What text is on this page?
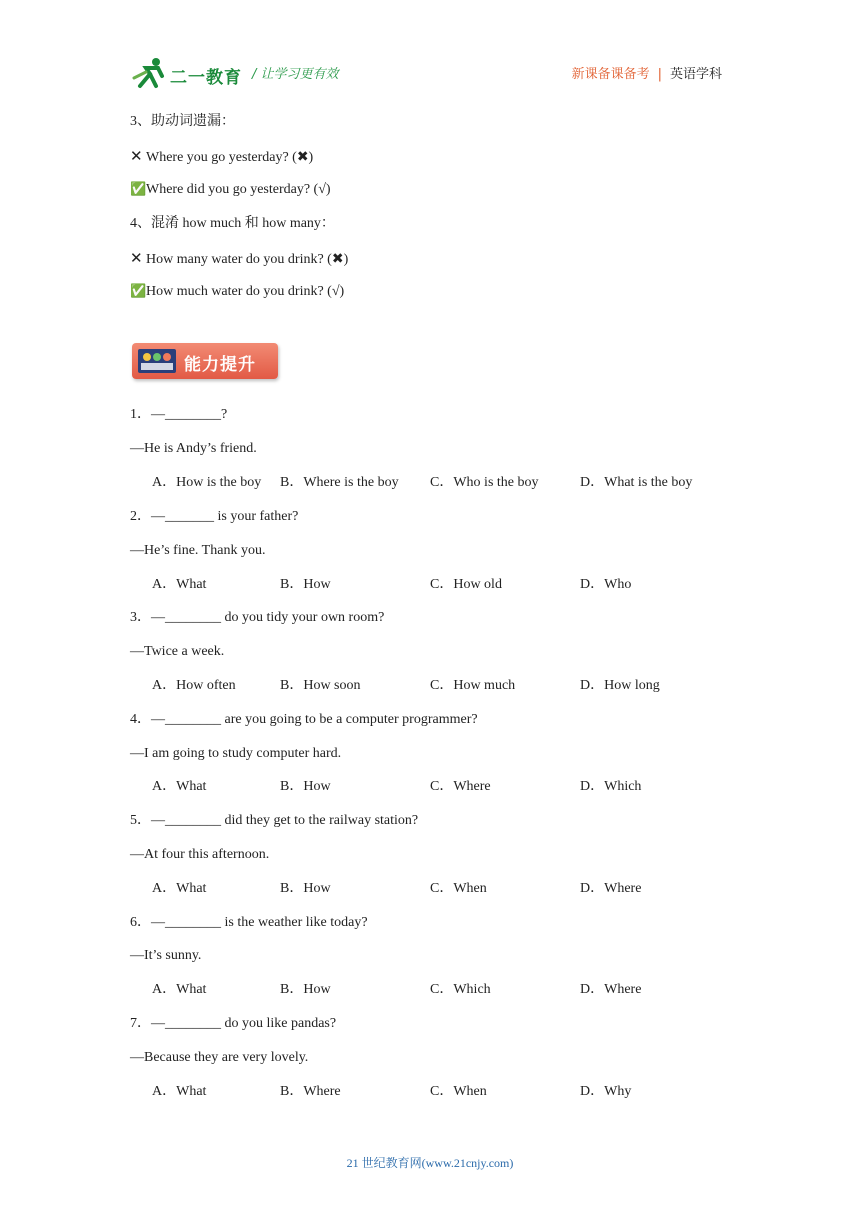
二一教育 / 让学习更有效	新课备课备考 | 英语学科
3、助动词遗漏：
✕ Where you go yesterday? (✖)
✅Where did you go yesterday? (√)
4、混淆 how much 和 how many：
✕ How many water do you drink? (✖)
✅How much water do you drink? (√)
能力提升
1．—________?
—He is Andy’s friend.
A．How is the boy B．Where is the boy C．Who is the boy	D．What is the boy
2．—_______ is your father?
—He’s fine. Thank you.
A．What	B．How	C．How old	D．Who
3．—________ do you tidy your own room?
—Twice a week.
A．How often	B．How soon	C．How much	D．How long
4．—________ are you going to be a computer programmer?
—I am going to study computer hard.
A．What	B．How	C．Where	D．Which
5．—________ did they get to the railway station?
—At four this afternoon.
A．What	B．How	C．When	D．Where
6．—________ is the weather like today?
—It’s sunny.
A．What	B．How	C．Which	D．Where
7．—________ do you like pandas?
—Because they are very lovely.
A．What	B．Where	C．When	D．Why
21 世纪教育网(www.21cnjy.com)
